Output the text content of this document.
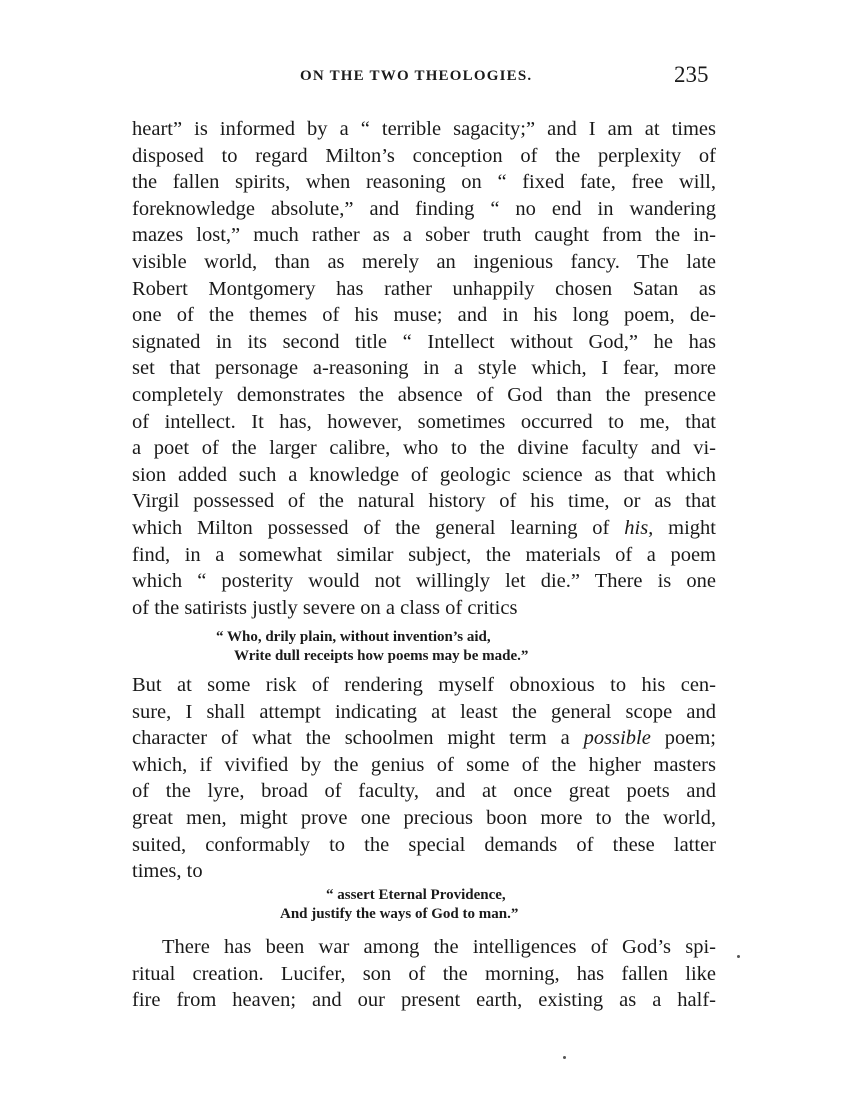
ON THE TWO THEOLOGIES.	235
heart” is informed by a “ terrible sagacity;” and I am at times
disposed to regard Milton’s conception of the perplexity of
the fallen spirits, when reasoning on “ fixed fate, free will,
foreknowledge absolute,” and finding “ no end in wandering
mazes lost,” much rather as a sober truth caught from the in-
visible world, than as merely an ingenious fancy. The late
Robert Montgomery has rather unhappily chosen Satan as
one of the themes of his muse; and in his long poem, de-
signated in its second title “ Intellect without God,” he has
set that personage a-reasoning in a style which, I fear, more
completely demonstrates the absence of God than the presence
of intellect. It has, however, sometimes occurred to me, that
a poet of the larger calibre, who to the divine faculty and vi-
sion added such a knowledge of geologic science as that which
Virgil possessed of the natural history of his time, or as that
which Milton possessed of the general learning of his, might
find, in a somewhat similar subject, the materials of a poem
which “ posterity would not willingly let die.” There is one
of the satirists justly severe on a class of critics
“ Who, drily plain, without invention’s aid,
Write dull receipts how poems may be made.”
But at some risk of rendering myself obnoxious to his cen-
sure, I shall attempt indicating at least the general scope and
character of what the schoolmen might term a possible poem;
which, if vivified by the genius of some of the higher masters
of the lyre, broad of faculty, and at once great poets and
great men, might prove one precious boon more to the world,
suited, conformably to the special demands of these latter
times, to
“ assert Eternal Providence,
And justify the ways of God to man.”
There has been war among the intelligences of God’s spi-
ritual creation. Lucifer, son of the morning, has fallen like
fire from heaven; and our present earth, existing as a half-
